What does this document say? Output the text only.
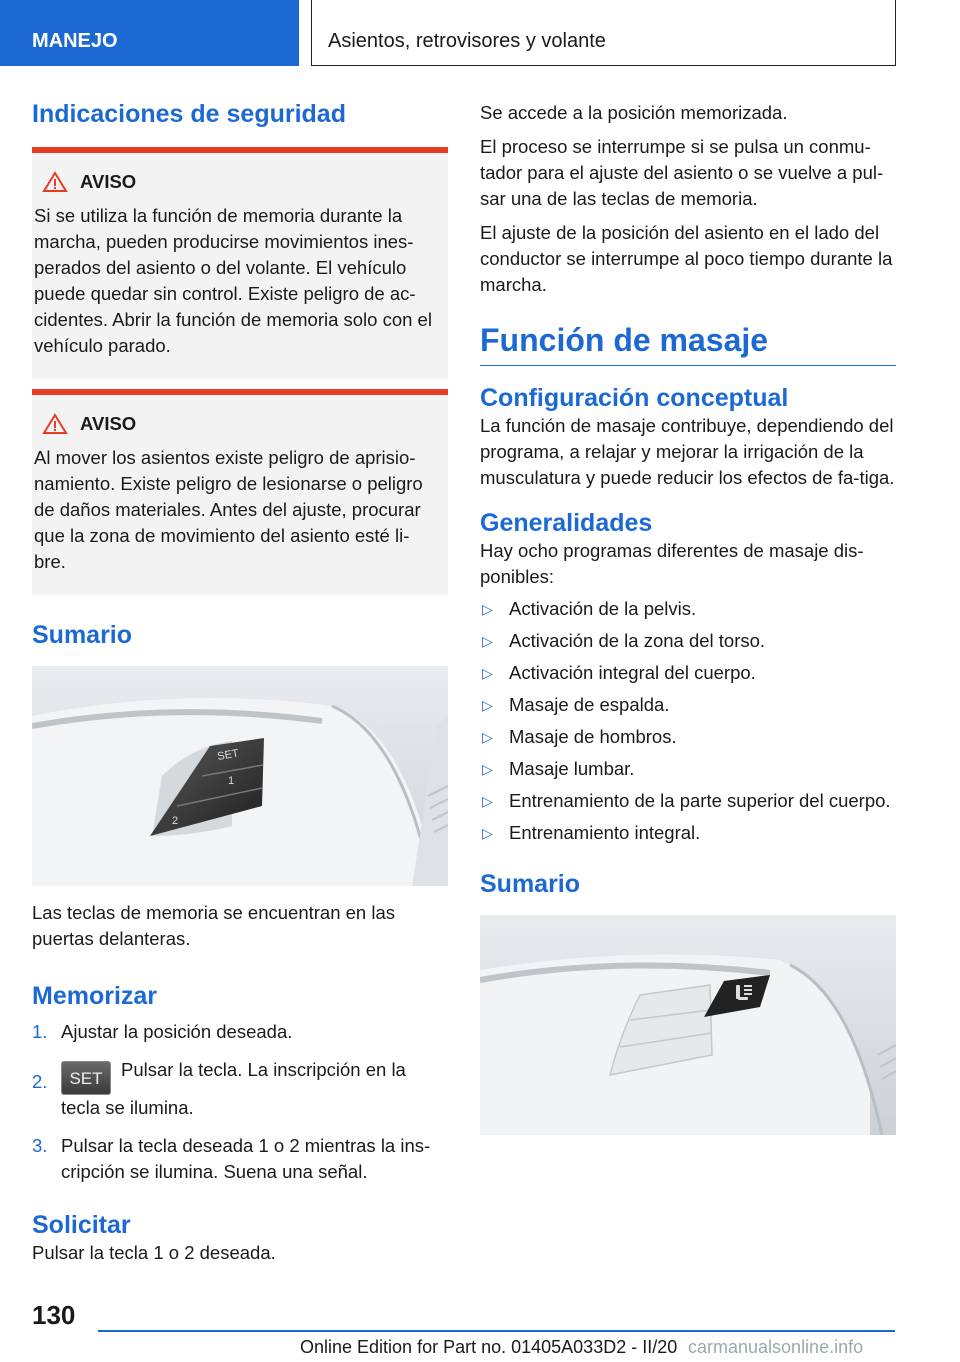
MANEJO	Asientos, retrovisores y volante
Indicaciones de seguridad
AVISO

Si se utiliza la función de memoria durante la marcha, pueden producirse movimientos ines-perados del asiento o del volante. El vehículo puede quedar sin control. Existe peligro de ac-cidentes. Abrir la función de memoria solo con el vehículo parado.

AVISO

Al mover los asientos existe peligro de aprisio-namiento. Existe peligro de lesionarse o peligro de daños materiales. Antes del ajuste, procurar que la zona de movimiento del asiento esté li-bre.

Sumario
SET
1
2

Las teclas de memoria se encuentran en las puertas delanteras.

Memorizar
1. Ajustar la posición deseada.
2.	SET Pulsar la tecla. La inscripción en la tecla se ilumina.
3. Pulsar la tecla deseada 1 o 2 mientras la ins-cripción se ilumina. Suena una señal.
Solicitar

Pulsar la tecla 1 o 2 deseada.

Se accede a la posición memorizada.

El proceso se interrumpe si se pulsa un conmu-tador para el ajuste del asiento o se vuelve a pul-sar una de las teclas de memoria.

El ajuste de la posición del asiento en el lado del conductor se interrumpe al poco tiempo durante la marcha.

Función de masaje
Configuración conceptual

La función de masaje contribuye, dependiendo del programa, a relajar y mejorar la irrigación de la musculatura y puede reducir los efectos de fa-tiga.

Generalidades

Hay ocho programas diferentes de masaje dis-ponibles:

▷ Activación de la pelvis.
▷ Activación de la zona del torso.
▷ Activación integral del cuerpo.
▷ Masaje de espalda.
▷ Masaje de hombros.
▷ Masaje lumbar.
▷ Entrenamiento de la parte superior del cuerpo.
▷ Entrenamiento integral.
Sumario
130
Online Edition for Part no. 01405A033D2 - II/20 carmanualsonline.info
